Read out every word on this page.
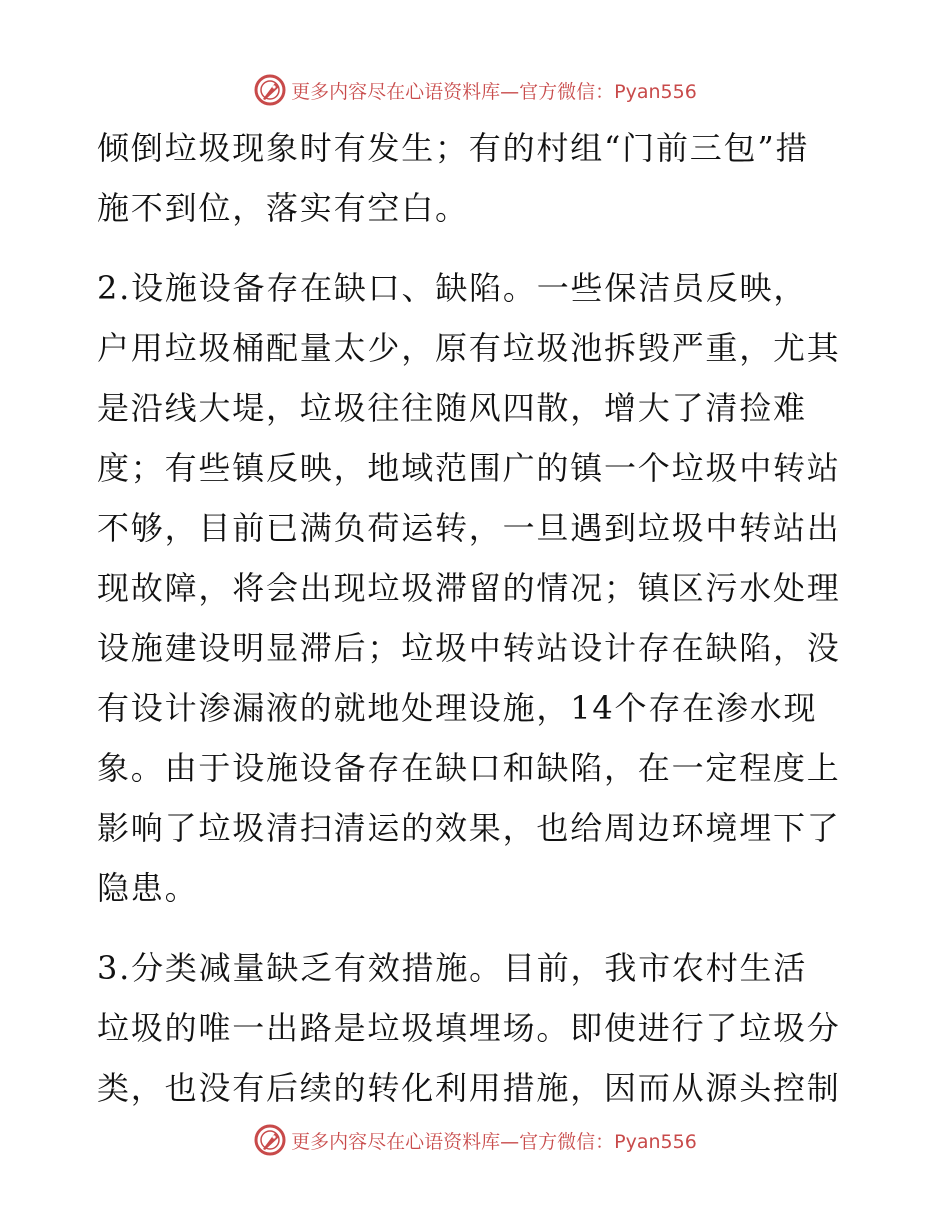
更多内容尽在心语资料库—官方微信：Pyan556
倾倒垃圾现象时有发生；有的村组“门前三包”措
施不到位，落实有空白。
2.设施设备存在缺口、缺陷。一些保洁员反映，
户用垃圾桶配量太少，原有垃圾池拆毁严重，尤其
是沿线大堤，垃圾往往随风四散，增大了清捡难
度；有些镇反映，地域范围广的镇一个垃圾中转站
不够，目前已满负荷运转，一旦遇到垃圾中转站出
现故障，将会出现垃圾滞留的情况；镇区污水处理
设施建设明显滞后；垃圾中转站设计存在缺陷，没
有设计渗漏液的就地处理设施，14个存在渗水现
象。由于设施设备存在缺口和缺陷，在一定程度上
影响了垃圾清扫清运的效果，也给周边环境埋下了
隐患。
3.分类减量缺乏有效措施。目前，我市农村生活
垃圾的唯一出路是垃圾填埋场。即使进行了垃圾分
类，也没有后续的转化利用措施，因而从源头控制
更多内容尽在心语资料库—官方微信：Pyan556
